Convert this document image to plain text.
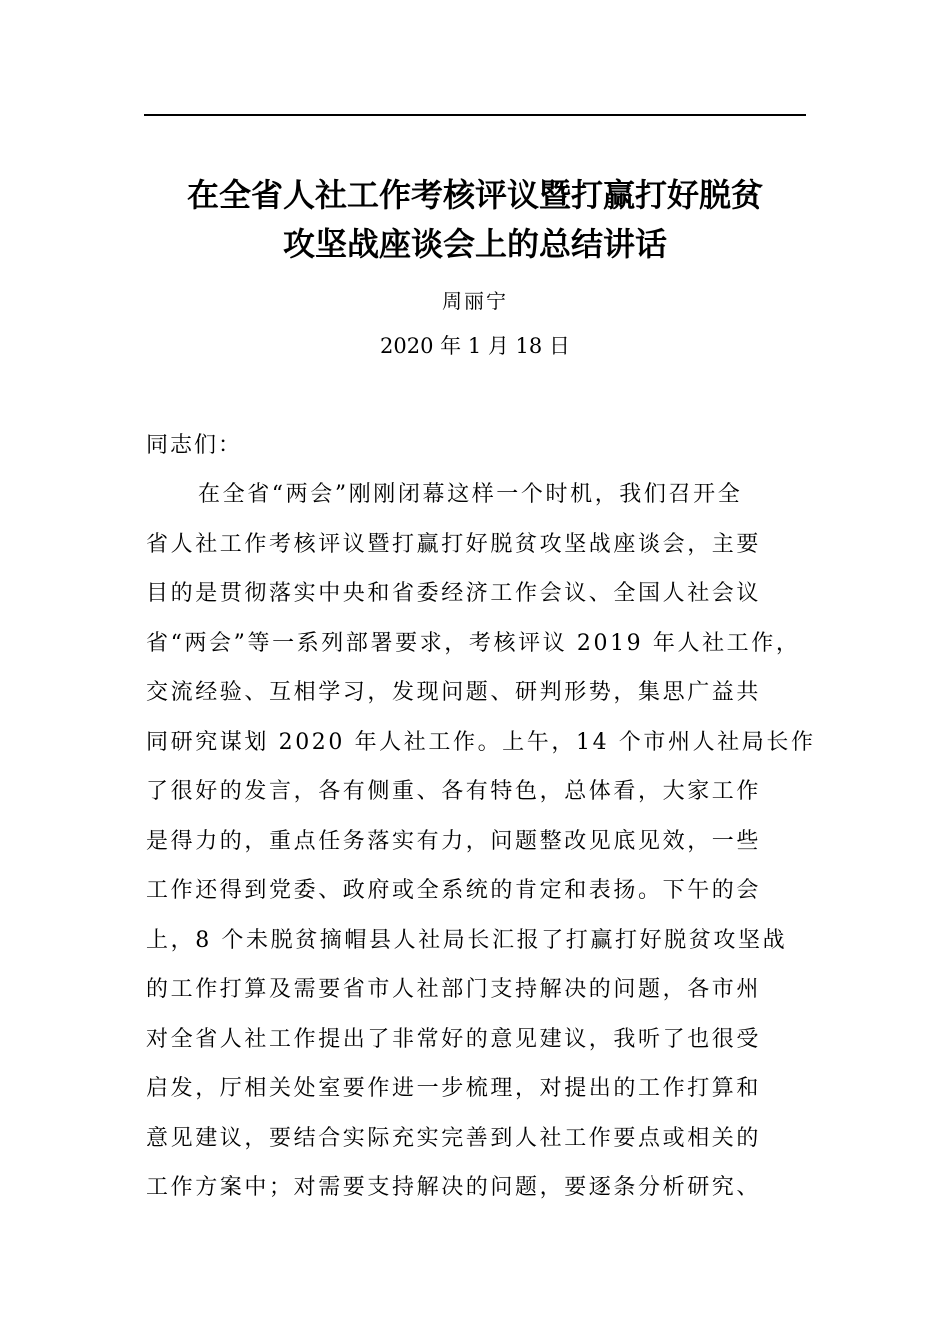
在全省人社工作考核评议暨打赢打好脱贫
攻坚战座谈会上的总结讲话
周丽宁
2020 年 1 月 18 日
同志们：
在全省“两会”刚刚闭幕这样一个时机，我们召开全
省人社工作考核评议暨打赢打好脱贫攻坚战座谈会，主要
目的是贯彻落实中央和省委经济工作会议、全国人社会议
省“两会”等一系列部署要求，考核评议 2019 年人社工作，
交流经验、互相学习，发现问题、研判形势，集思广益共
同研究谋划 2020 年人社工作。上午，14 个市州人社局长作
了很好的发言，各有侧重、各有特色，总体看，大家工作
是得力的，重点任务落实有力，问题整改见底见效，一些
工作还得到党委、政府或全系统的肯定和表扬。下午的会
上，8 个未脱贫摘帽县人社局长汇报了打赢打好脱贫攻坚战
的工作打算及需要省市人社部门支持解决的问题，各市州
对全省人社工作提出了非常好的意见建议，我听了也很受
启发，厅相关处室要作进一步梳理，对提出的工作打算和
意见建议，要结合实际充实完善到人社工作要点或相关的
工作方案中；对需要支持解决的问题，要逐条分析研究、
